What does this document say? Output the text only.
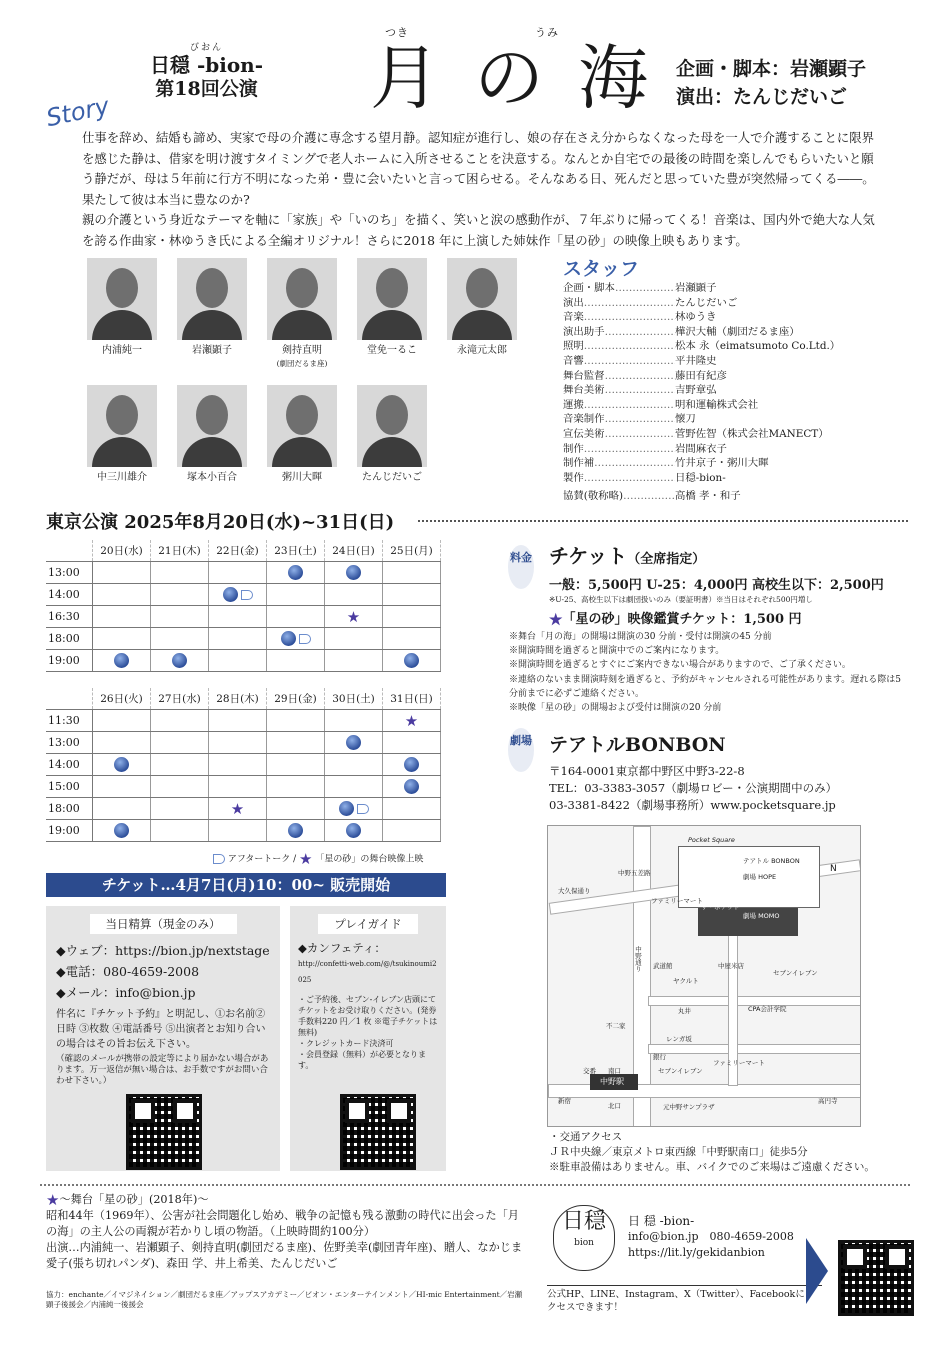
びおん
日穏 -bion-
第18回公演
つき	うみ
月の海
企画・脚本：岩瀬顕子
演出：たんじだいご
Story
仕事を辞め、結婚も諦め、実家で母の介護に専念する望月静。認知症が進行し、娘の存在さえ分からなくなった母を一人で介護することに限界を感じた静は、借家を明け渡すタイミングで老人ホームに入所させることを決意する。なんとか自宅での最後の時間を楽しんでもらいたいと願う静だが、母は５年前に行方不明になった弟・豊に会いたいと言って困らせる。そんなある日、死んだと思っていた豊が突然帰ってくる――。果たして彼は本当に豊なのか?
親の介護という身近なテーマを軸に「家族」や「いのち」を描く、笑いと涙の感動作が、７年ぶりに帰ってくる！音楽は、国内外で絶大な人気を誇る作曲家・林ゆうき氏による全編オリジナル！さらに2018 年に上演した姉妹作「星の砂」の映像上映もあります。
内浦純一	岩瀬顕子	剣持直明
(劇団だるま座)
堂免一るこ	永滝元太郎
中三川雄介	塚本小百合	粥川大暉	たんじだいご
スタッフ
企画・脚本 …………………………………	岩瀬顕子
演出 …………………………………	たんじだいご
音楽 …………………………………	林ゆうき
演出助手 …………………………………	樺沢大輔（劇団だるま座）
照明 …………………………………	松本 永（eimatsumoto Co.Ltd.）
音響 …………………………………	平井隆史
舞台監督 …………………………………	藤田有紀彦
舞台美術 …………………………………	吉野章弘
運搬 …………………………………	明和運輸株式会社
音楽制作 …………………………………	懐刀
宣伝美術 …………………………………	菅野佐智（株式会社MANECT）
制作 …………………………………	岩間麻衣子
制作補 …………………………………	竹井京子・粥川大暉
製作 …………………………………	日穏-bion-
協賛(敬称略) …………………………………	高橋 孝・和子
東京公演 2025年8月20日(水)~31日(日)
	20日(水)	21日(木)	22日(金)	23日(土)	24日(日)	25日(月)
13:00						
14:00						
16:30					★	
18:00						
19:00						
	26日(火)	27日(水)	28日(木)	29日(金)	30日(土)	31日(日)
11:30						★
13:00						
14:00						
15:00						
18:00			★			
19:00						
アフタートーク / ★ 「星の砂」の舞台映像上映
チケット…4月7日(月)10：00~ 販売開始
当日精算（現金のみ）
◆ウェブ：https://bion.jp/nextstage
◆電話：080-4659-2008
◆メール：info@bion.jp
件名に『チケット予約』と明記し、①お名前②日時 ③枚数 ④電話番号 ⑤出演者とお知り合いの場合はその旨お伝え下さい。
（確認のメールが携帯の設定等により届かない場合があります。万一返信が無い場合は、お手数ですがお問い合わせ下さい。）
プレイガイド
◆カンフェティ：
http://confetti-web.com/@/tsukinoumi2025
・ご予約後、セブン-イレブン店頭にてチケットをお受け取りください。(発券手数料220 円／1 枚 ※電子チケットは無料)
・クレジットカード決済可
・会員登録（無料）が必要となります。
料金 チケット（全席指定）
一般：5,500円 U-25：4,000円 高校生以下：2,500円
※U-25、高校生以下は劇団扱いのみ（要証明書）※当日はそれぞれ500円増し
★「星の砂」映像鑑賞チケット：1,500 円
※舞台「月の海」の開場は開演の30 分前・受付は開演の45 分前
※開演時間を過ぎると開演中でのご案内になります。
※開演時間を過ぎるとすぐにご案内できない場合がありますので、ご了承ください。
※連絡のないまま開演時刻を過ぎると、予約がキャンセルされる可能性があります。遅れる際は5 分前までに必ずご連絡ください。
※映像「星の砂」の開場および受付は開演の20 分前
劇場 テアトルBONBON
〒164-0001東京都中野区中野3-22-8
TEL：03-3383-3057（劇場ロビー・公演期間中のみ）
03-3381-8422（劇場事務所）www.pocketsquare.jp
中野五差路
大久保通り
ファミリーマート
ザ・ポケット
劇場 MOMO
テアトル BONBON
劇場 HOPE
Pocket Square
中野通り 武道館	中屋米店
セブンイレブン
ヤクルト
CPA会計学院
丸井
不二家
レンガ坂
銀行
セブンイレブン
ファミリーマート
中野駅
新宿	高円寺
南口
北口	元中野サンプラザ
交番
N
・交通アクセス
ＪＲ中央線／東京メトロ東西線「中野駅南口」徒歩5分
※駐車設備はありません。車、バイクでのご来場はご遠慮ください。
★〜舞台「星の砂」(2018年)〜
昭和44年（1969年）、公害が社会問題化し始め、戦争の記憶も残る激動の時代に出会った「月の海」の主人公の両親が若かりし頃の物語。（上映時間約100分）
出演…内浦純一、岩瀬顕子、剣持直明(劇団だるま座)、佐野美幸(劇団青年座)、贈人、なかじま愛子(張ち切れパンダ)、森田 学、井上希美、たんじだいご
協力：enchante／イマジネイション／劇団だるま座／アップスアカデミー／ビオン・エンターテインメント／HI-mic Entertainment／岩瀬顕子後援会／内浦純一後援会
日穏
bion
日 穏 -bion-
info@bion.jp　080-4659-2008
https://lit.ly/gekidanbion
公式HP、LINE、Instagram、X（Twitter）、Facebookにアクセスできます！
